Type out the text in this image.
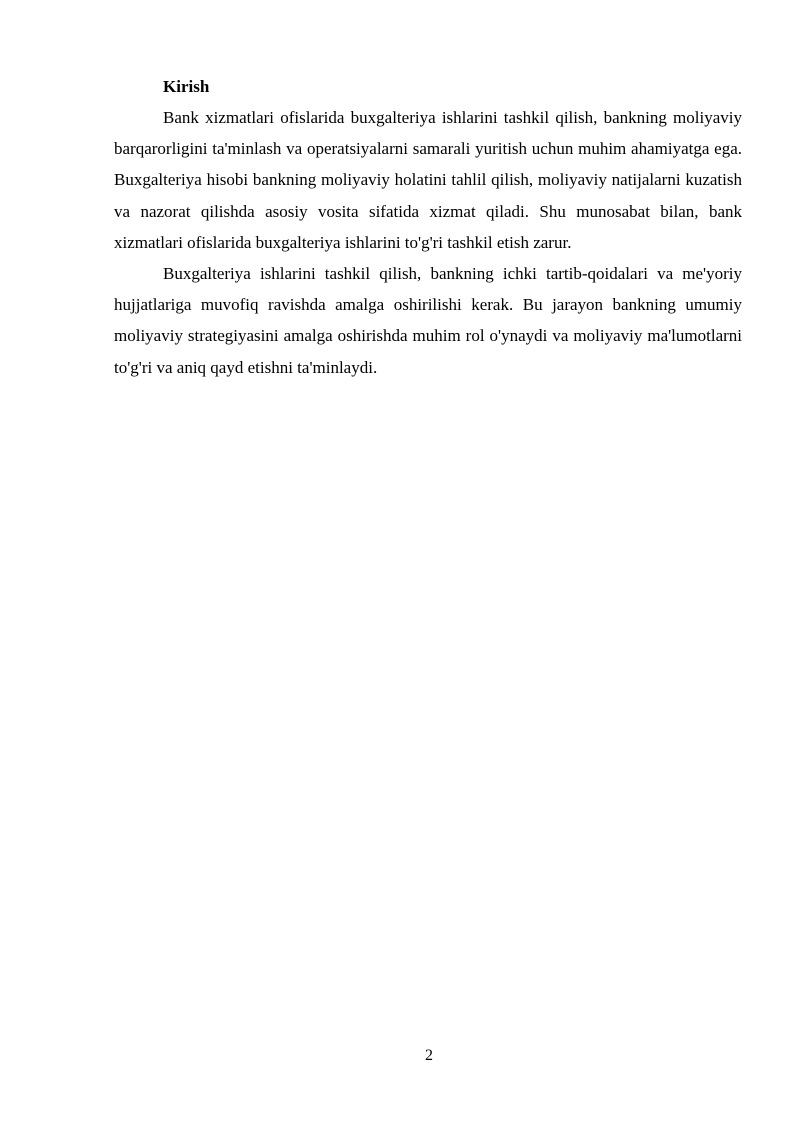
Kirish

Bank xizmatlari ofislarida buxgalteriya ishlarini tashkil qilish, bankning moliyaviy barqarorligini ta'minlash va operatsiyalarni samarali yuritish uchun muhim ahamiyatga ega. Buxgalteriya hisobi bankning moliyaviy holatini tahlil qilish, moliyaviy natijalarni kuzatish va nazorat qilishda asosiy vosita sifatida xizmat qiladi. Shu munosabat bilan, bank xizmatlari ofislarida buxgalteriya ishlarini to'g'ri tashkil etish zarur.

Buxgalteriya ishlarini tashkil qilish, bankning ichki tartib-qoidalari va me'yoriy hujjatlariga muvofiq ravishda amalga oshirilishi kerak. Bu jarayon bankning umumiy moliyaviy strategiyasini amalga oshirishda muhim rol o'ynaydi va moliyaviy ma'lumotlarni to'g'ri va aniq qayd etishni ta'minlaydi.

2
